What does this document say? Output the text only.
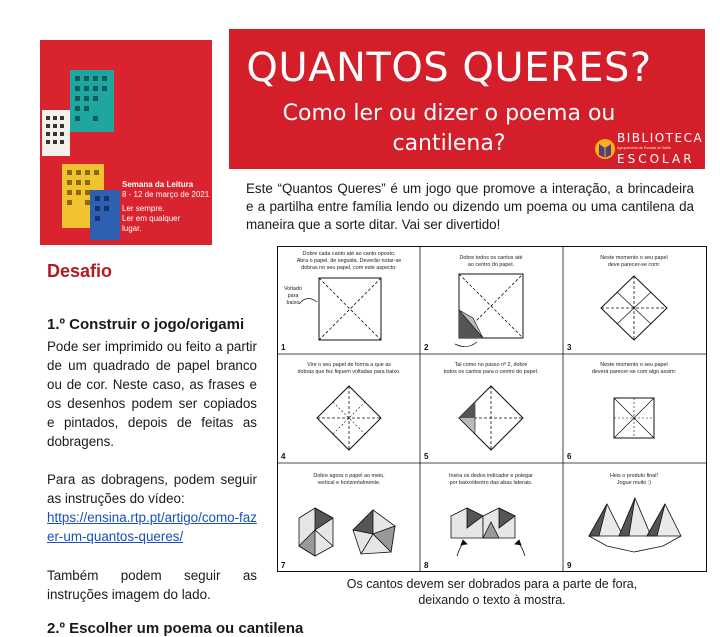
Semana da Leitura
8 - 12 de março de 2021
Ler sempre.
Ler em qualquer
lugar.
QUANTOS QUERES?
Como ler ou dizer o poema ou
cantilena?	BIBLIOTECA
Agrupamento de Escolas de Sátão
ESCOLAR
Este “Quantos Queres” é um jogo que promove a interação, a brincadeira e a partilha entre família lendo ou dizendo um poema ou uma cantilena da maneira que a sorte ditar. Vai ser divertido!
Desafio
1.º Construir o jogo/origami
Pode ser imprimido ou feito a partir de um quadrado de papel branco ou de cor. Neste caso, as frases e os desenhos podem ser copiados e pintados, depois de feitas as dobragens.
Para as dobragens, podem seguir as instruções do vídeo:
https://ensina.rtp.pt/artigo/como-fazer-um-quantos-queres/
Também podem seguir as instruções imagem do lado.
2.º Escolher um poema ou cantilena
Dobre cada canto até ao canto oposto.
Abra o papel, de seguida. Deverão notar-se
dobras no seu papel, com este aspecto:
Dobre todos os cantos até
ao centro do papel.
Neste momento o seu papel
deve parecer-se com:
Vire o seu papel de forma a que as
dobras que fez fiquem voltadas para baixo.
Tal como no passo nº 2, dobre
todos os cantos para o centro do papel.
Neste momento o seu papel
deverá parecer-se com algo assim:
Dobre agora o papel ao meio,
vertical e horizontalmente.
Insira os dedos indicador e polegar
por baixo/dentro das abas laterais.
Heis o produto final!
Jogue muito :)
1	2	3
4	5	6
7	8	9
Voltado
para
baixo
Os cantos devem ser dobrados para a parte de fora,
deixando o texto à mostra.
